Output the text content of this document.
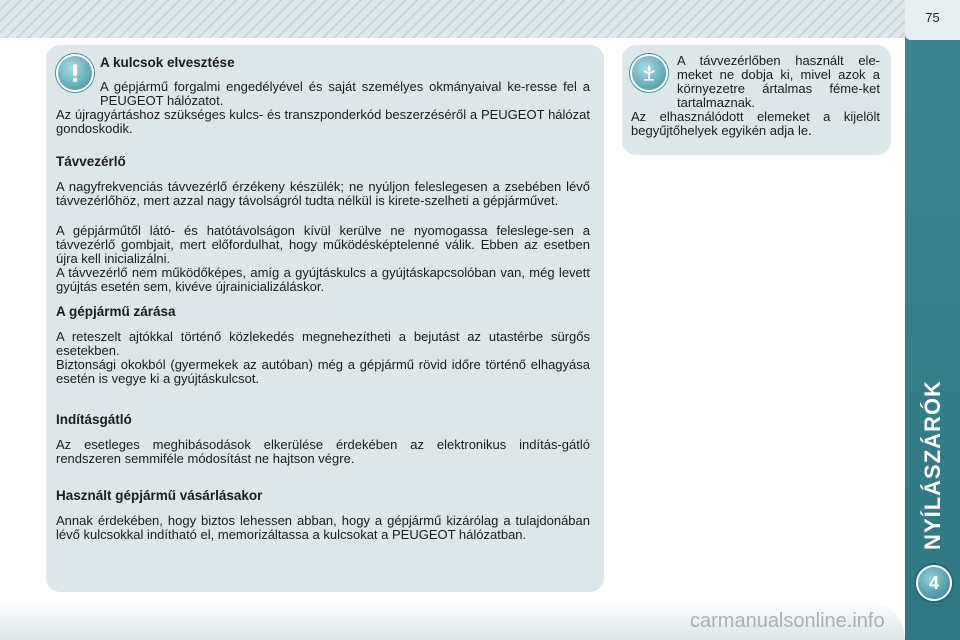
75
NYÍLÁSZÁRÓK
4
A kulcsok elvesztése
A gépjármű forgalmi engedélyével és saját személyes okmányaival ke-resse fel a PEUGEOT hálózatot.
Az újragyártáshoz szükséges kulcs- és transzponderkód beszerzéséről a PEUGEOT hálózat gondoskodik.
Távvezérlő
A nagyfrekvenciás távvezérlő érzékeny készülék; ne nyúljon feleslegesen a zsebében lévő távvezérlőhöz, mert azzal nagy távolságról tudta nélkül is kirete-szelheti a gépjárművet.
A gépjárműtől látó- és hatótávolságon kívül kerülve ne nyomogassa feleslege-sen a távvezérlő gombjait, mert előfordulhat, hogy működésképtelenné válik. Ebben az esetben újra kell inicializálni.
A távvezérlő nem működőképes, amíg a gyújtáskulcs a gyújtáskapcsolóban van, még levett gyújtás esetén sem, kivéve újrainicializáláskor.
A gépjármű zárása
A reteszelt ajtókkal történő közlekedés megnehezítheti a bejutást az utastérbe sürgős esetekben.
Biztonsági okokból (gyermekek az autóban) még a gépjármű rövid időre történő elhagyása esetén is vegye ki a gyújtáskulcsot.
Indításgátló
Az esetleges meghibásodások elkerülése érdekében az elektronikus indítás-gátló rendszeren semmiféle módosítást ne hajtson végre.
Használt gépjármű vásárlásakor
Annak érdekében, hogy biztos lehessen abban, hogy a gépjármű kizárólag a tulajdonában lévő kulcsokkal indítható el, memorizáltassa a kulcsokat a PEUGEOT hálózatban.
A távvezérlőben használt ele-meket ne dobja ki, mivel azok a környezetre ártalmas féme-ket tartalmaznak.
Az elhasználódott elemeket a kijelölt begyűjtőhelyek egyikén adja le.
carmanualsonline.info
